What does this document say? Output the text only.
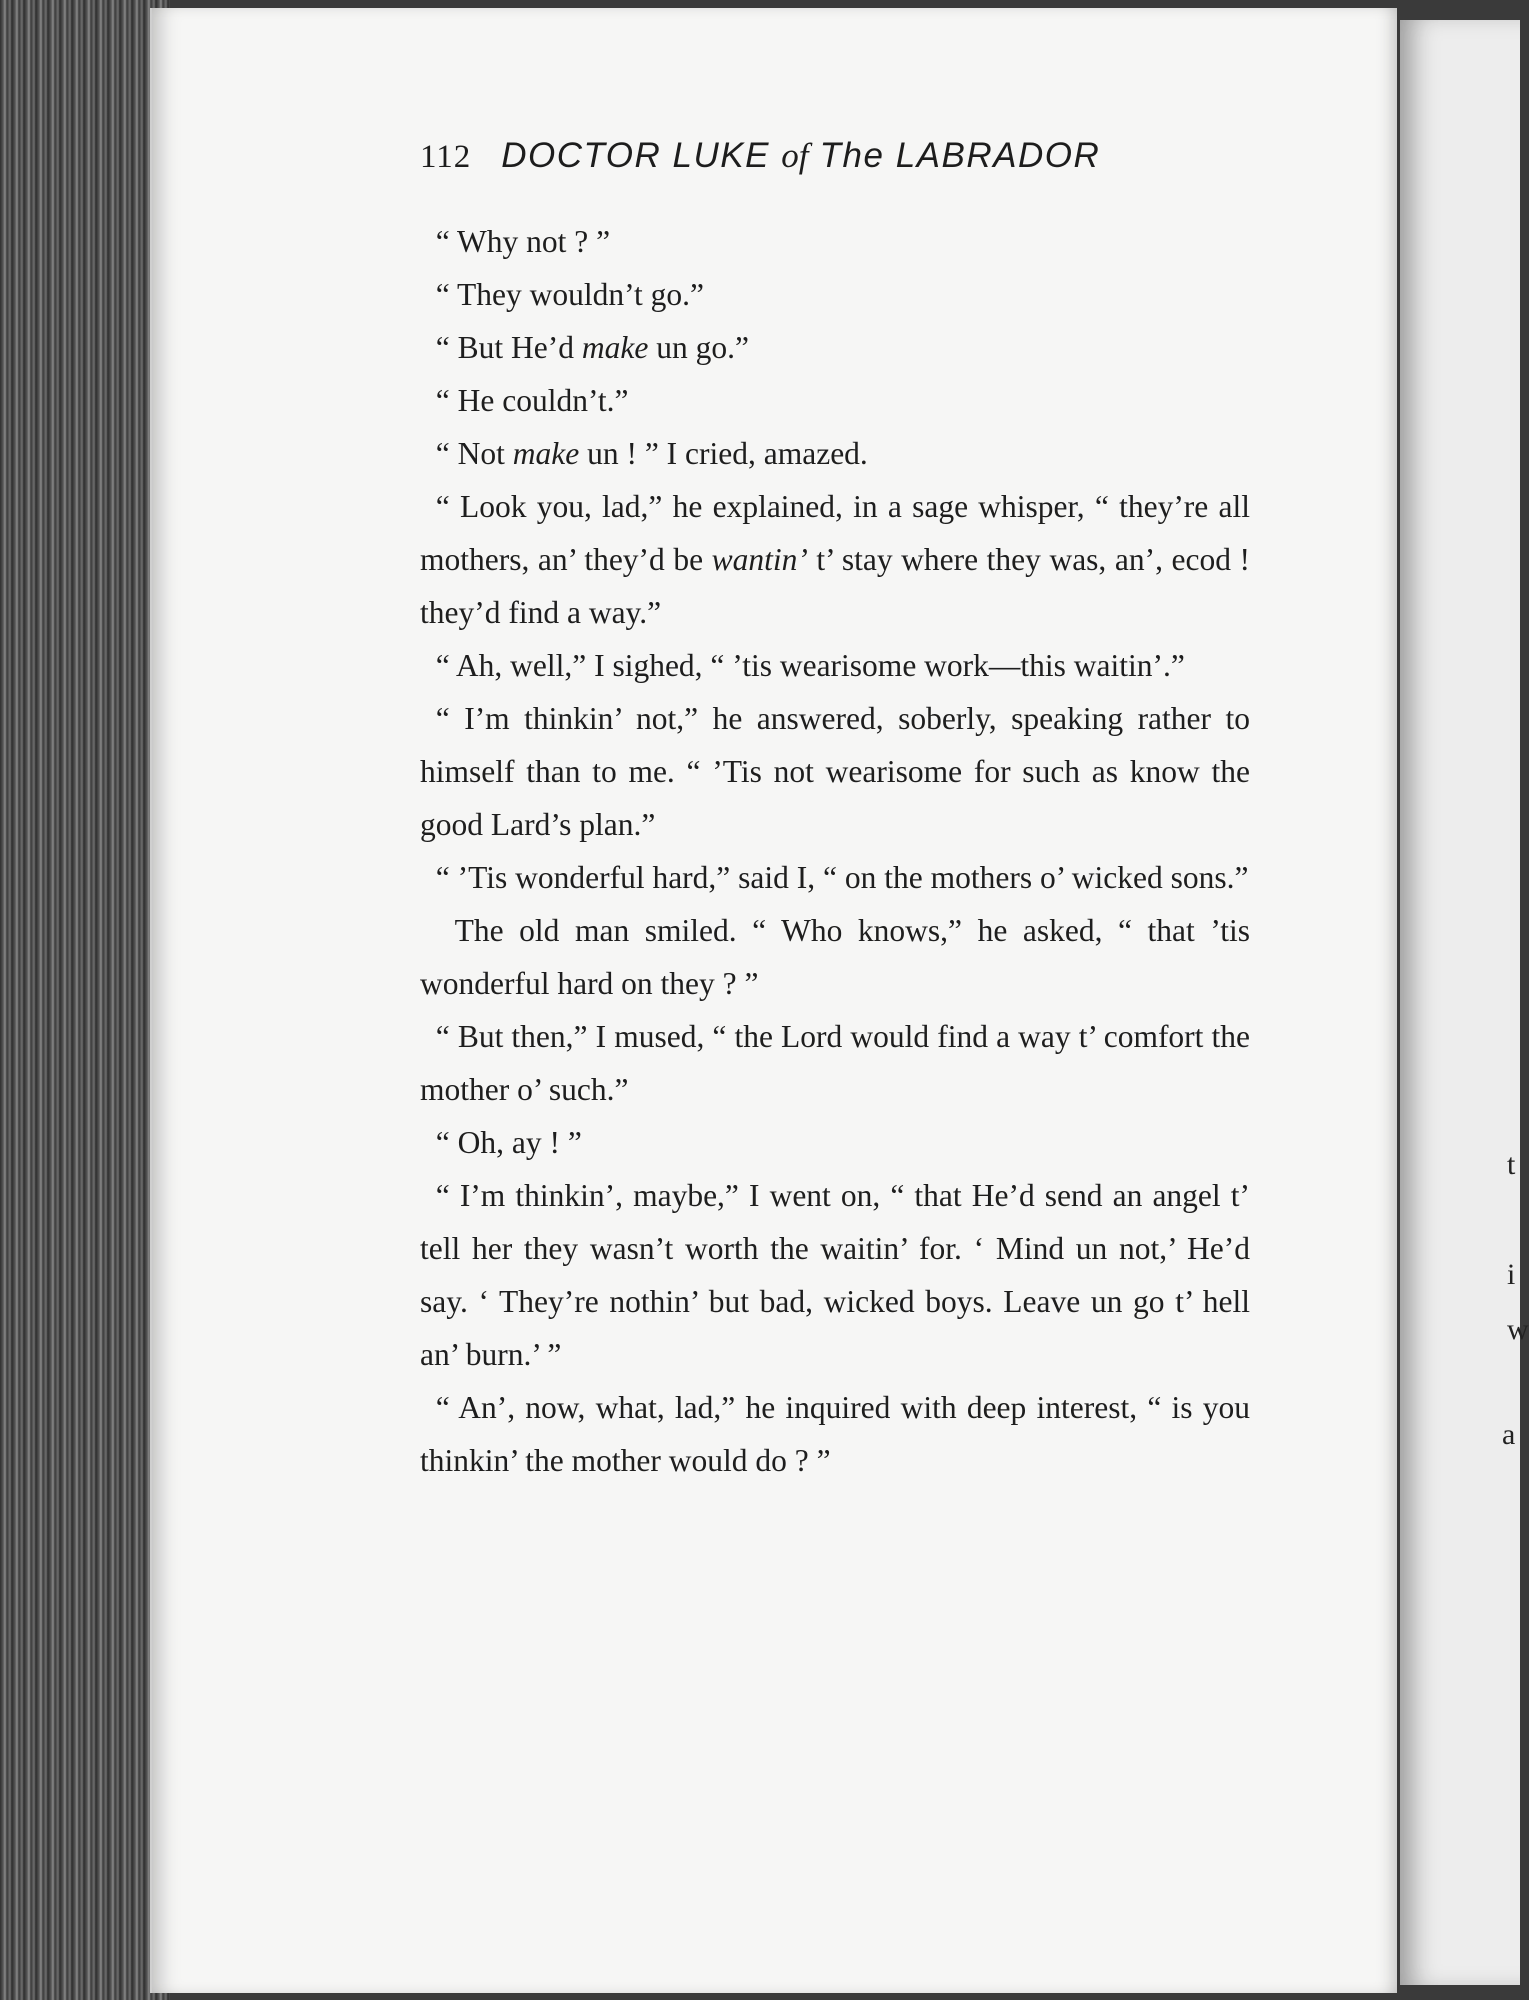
t
i
w
a
112 DOCTOR LUKE of The LABRADOR

“ Why not ? ”

“ They wouldn’t go.”

“ But He’d make un go.”

“ He couldn’t.”

“ Not make un ! ” I cried, amazed.

“ Look you, lad,” he explained, in a sage whisper, “ they’re all mothers, an’ they’d be wantin’ t’ stay where they was, an’, ecod ! they’d find a way.”

“ Ah, well,” I sighed, “ ’tis wearisome work—this waitin’.”

“ I’m thinkin’ not,” he answered, soberly, speaking rather to himself than to me. “ ’Tis not wearisome for such as know the good Lard’s plan.”

“ ’Tis wonderful hard,” said I, “ on the mothers o’ wicked sons.”

The old man smiled. “ Who knows,” he asked, “ that ’tis wonderful hard on they ? ”

“ But then,” I mused, “ the Lord would find a way t’ comfort the mother o’ such.”

“ Oh, ay ! ”

“ I’m thinkin’, maybe,” I went on, “ that He’d send an angel t’ tell her they wasn’t worth the waitin’ for. ‘ Mind un not,’ He’d say. ‘ They’re nothin’ but bad, wicked boys. Leave un go t’ hell an’ burn.’ ”

“ An’, now, what, lad,” he inquired with deep interest, “ is you thinkin’ the mother would do ? ”
